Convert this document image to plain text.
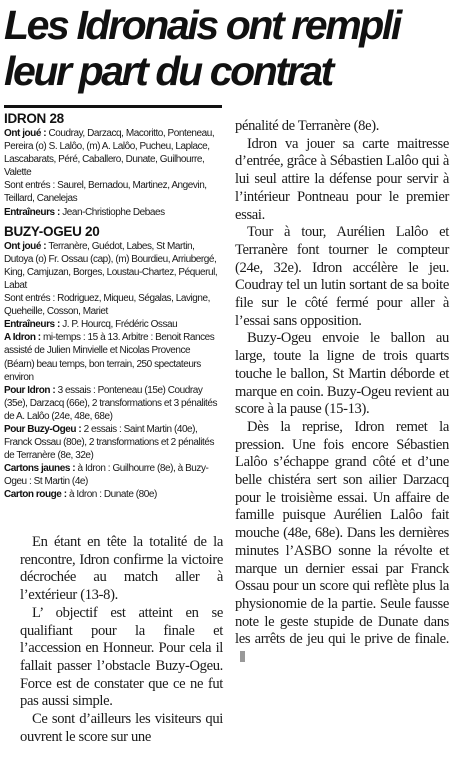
Les Idronais ont rempli
leur part du contrat

IDRON 28

Ont joué : Coudray, Darzacq, Macoritto, Ponteneau, Pereira (o) S. Lalôo, (m) A. Lalôo, Pucheu, Laplace, Lascabarats, Péré, Caballero, Dunate, Guilhourre, Valette

Sont entrés : Saurel, Bernadou, Martinez, Angevin, Teillard, Canelejas

Entraîneurs : Jean-Christiophe Debaes

BUZY-OGEU 20

Ont joué : Terranère, Guédot, Labes, St Martin, Dutoya (o) Fr. Ossau (cap), (m) Bourdieu, Arriubergé, King, Camjuzan, Borges, Loustau-Chartez, Péquerul, Labat

Sont entrés : Rodriguez, Miqueu, Ségalas, Lavigne, Queheille, Cosson, Mariet

Entraîneurs : J. P. Hourcq, Frédéric Ossau

A Idron : mi-temps : 15 à 13. Arbitre : Benoit Rances assisté de Julien Minvielle et Nicolas Provence (Béarn) beau temps, bon terrain, 250 spectateurs environ

Pour Idron : 3 essais : Ponteneau (15e) Coudray (35e), Darzacq (66e), 2 transformations et 3 pénalités de A. Lalôo (24e, 48e, 68e)

Pour Buzy-Ogeu : 2 essais : Saint Martin (40e), Franck Ossau (80e), 2 transformations et 2 pénalités de Terranère (8e, 32e)

Cartons jaunes : à Idron : Guilhourre (8e), à Buzy-Ogeu : St Martin (4e)

Carton rouge : à Idron : Dunate (80e)

En étant en tête la totalité de la rencontre, Idron confirme la victoire décrochée au match aller à l’extérieur (13-8).

L’ objectif est atteint en se qualifiant pour la finale et l’accession en Honneur. Pour cela il fallait passer l’obstacle Buzy-Ogeu. Force est de constater que ce ne fut pas aussi simple.

Ce sont d’ailleurs les visiteurs qui ouvrent le score sur une

pénalité de Terranère (8e).

Idron va jouer sa carte maitresse d’entrée, grâce à Sébastien Lalôo qui à lui seul attire la défense pour servir à l’intérieur Pontneau pour le premier essai.

Tour à tour, Aurélien Lalôo et Terranère font tourner le compteur (24e, 32e). Idron accélère le jeu. Coudray tel un lutin sortant de sa boite file sur le côté fermé pour aller à l’essai sans opposition.

Buzy-Ogeu envoie le ballon au large, toute la ligne de trois quarts touche le ballon, St Martin déborde et marque en coin. Buzy-Ogeu revient au score à la pause (15-13).

Dès la reprise, Idron remet la pression. Une fois encore Sébastien Lalôo s’échappe grand côté et d’une belle chistéra sert son ailier Darzacq pour le troisième essai. Un affaire de famille puisque Aurélien Lalôo fait mouche (48e, 68e). Dans les dernières minutes l’ASBO sonne la révolte et marque un dernier essai par Franck Ossau pour un score qui reflète plus la physionomie de la partie. Seule fausse note le geste stupide de Dunate dans les arrêts de jeu qui le prive de finale.
